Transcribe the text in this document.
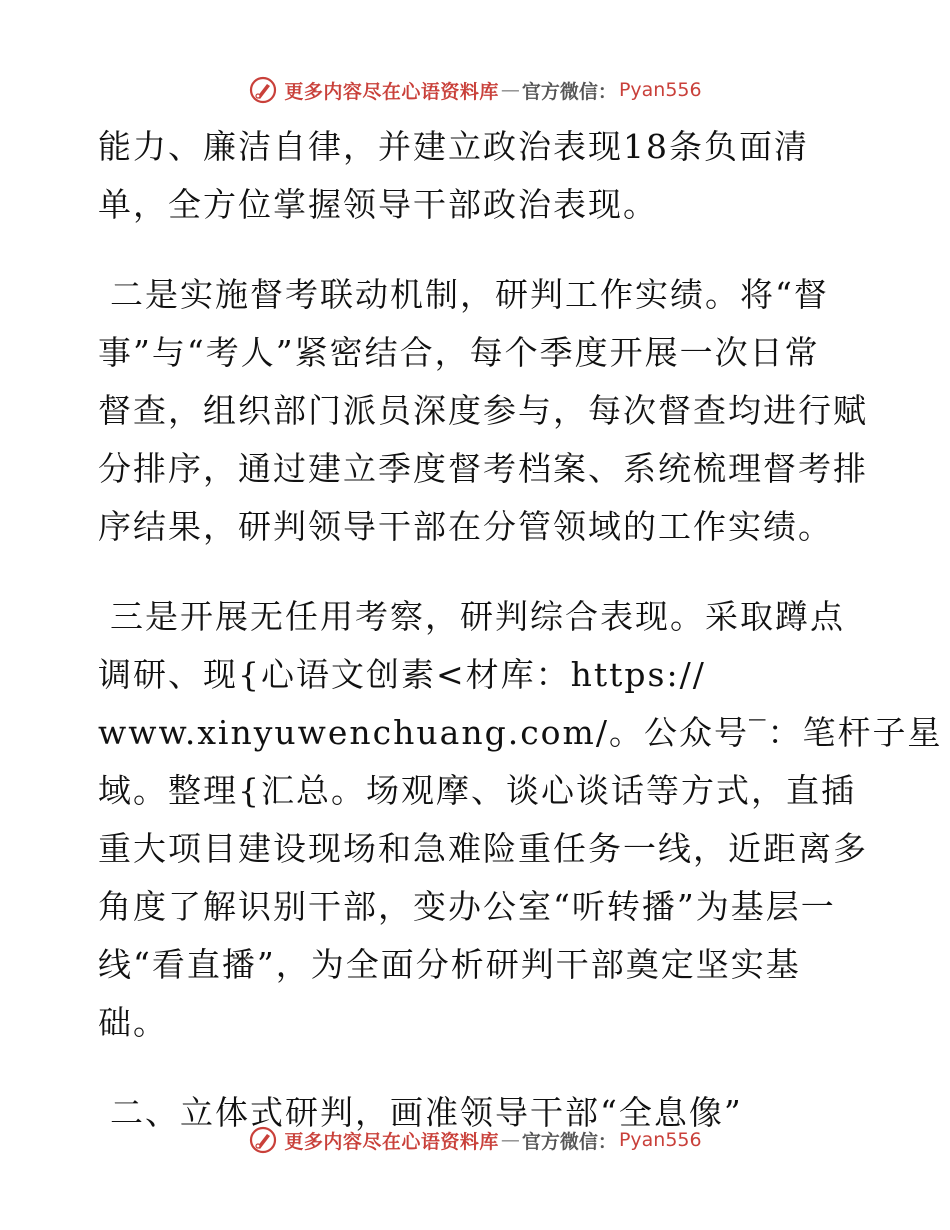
更多内容尽在心语资料库 — 官方微信： Pyan556
能力、廉洁自律，并建立政治表现18条负面清
单，全方位掌握领导干部政治表现。
二是实施督考联动机制，研判工作实绩。将“督
事”与“考人”紧密结合，每个季度开展一次日常
督查，组织部门派员深度参与，每次督查均进行赋
分排序，通过建立季度督考档案、系统梳理督考排
序结果，研判领导干部在分管领域的工作实绩。
三是开展无任用考察，研判综合表现。采取蹲点
调研、现{心语文创素<材库：https://
www.xinyuwenchuang.com/。公众号‾：笔杆子星
域。整理{汇总。场观摩、谈心谈话等方式，直插
重大项目建设现场和急难险重任务一线，近距离多
角度了解识别干部，变办公室“听转播”为基层一
线“看直播”，为全面分析研判干部奠定坚实基
础。
二、立体式研判，画准领导干部“全息像”
更多内容尽在心语资料库 — 官方微信： Pyan556
